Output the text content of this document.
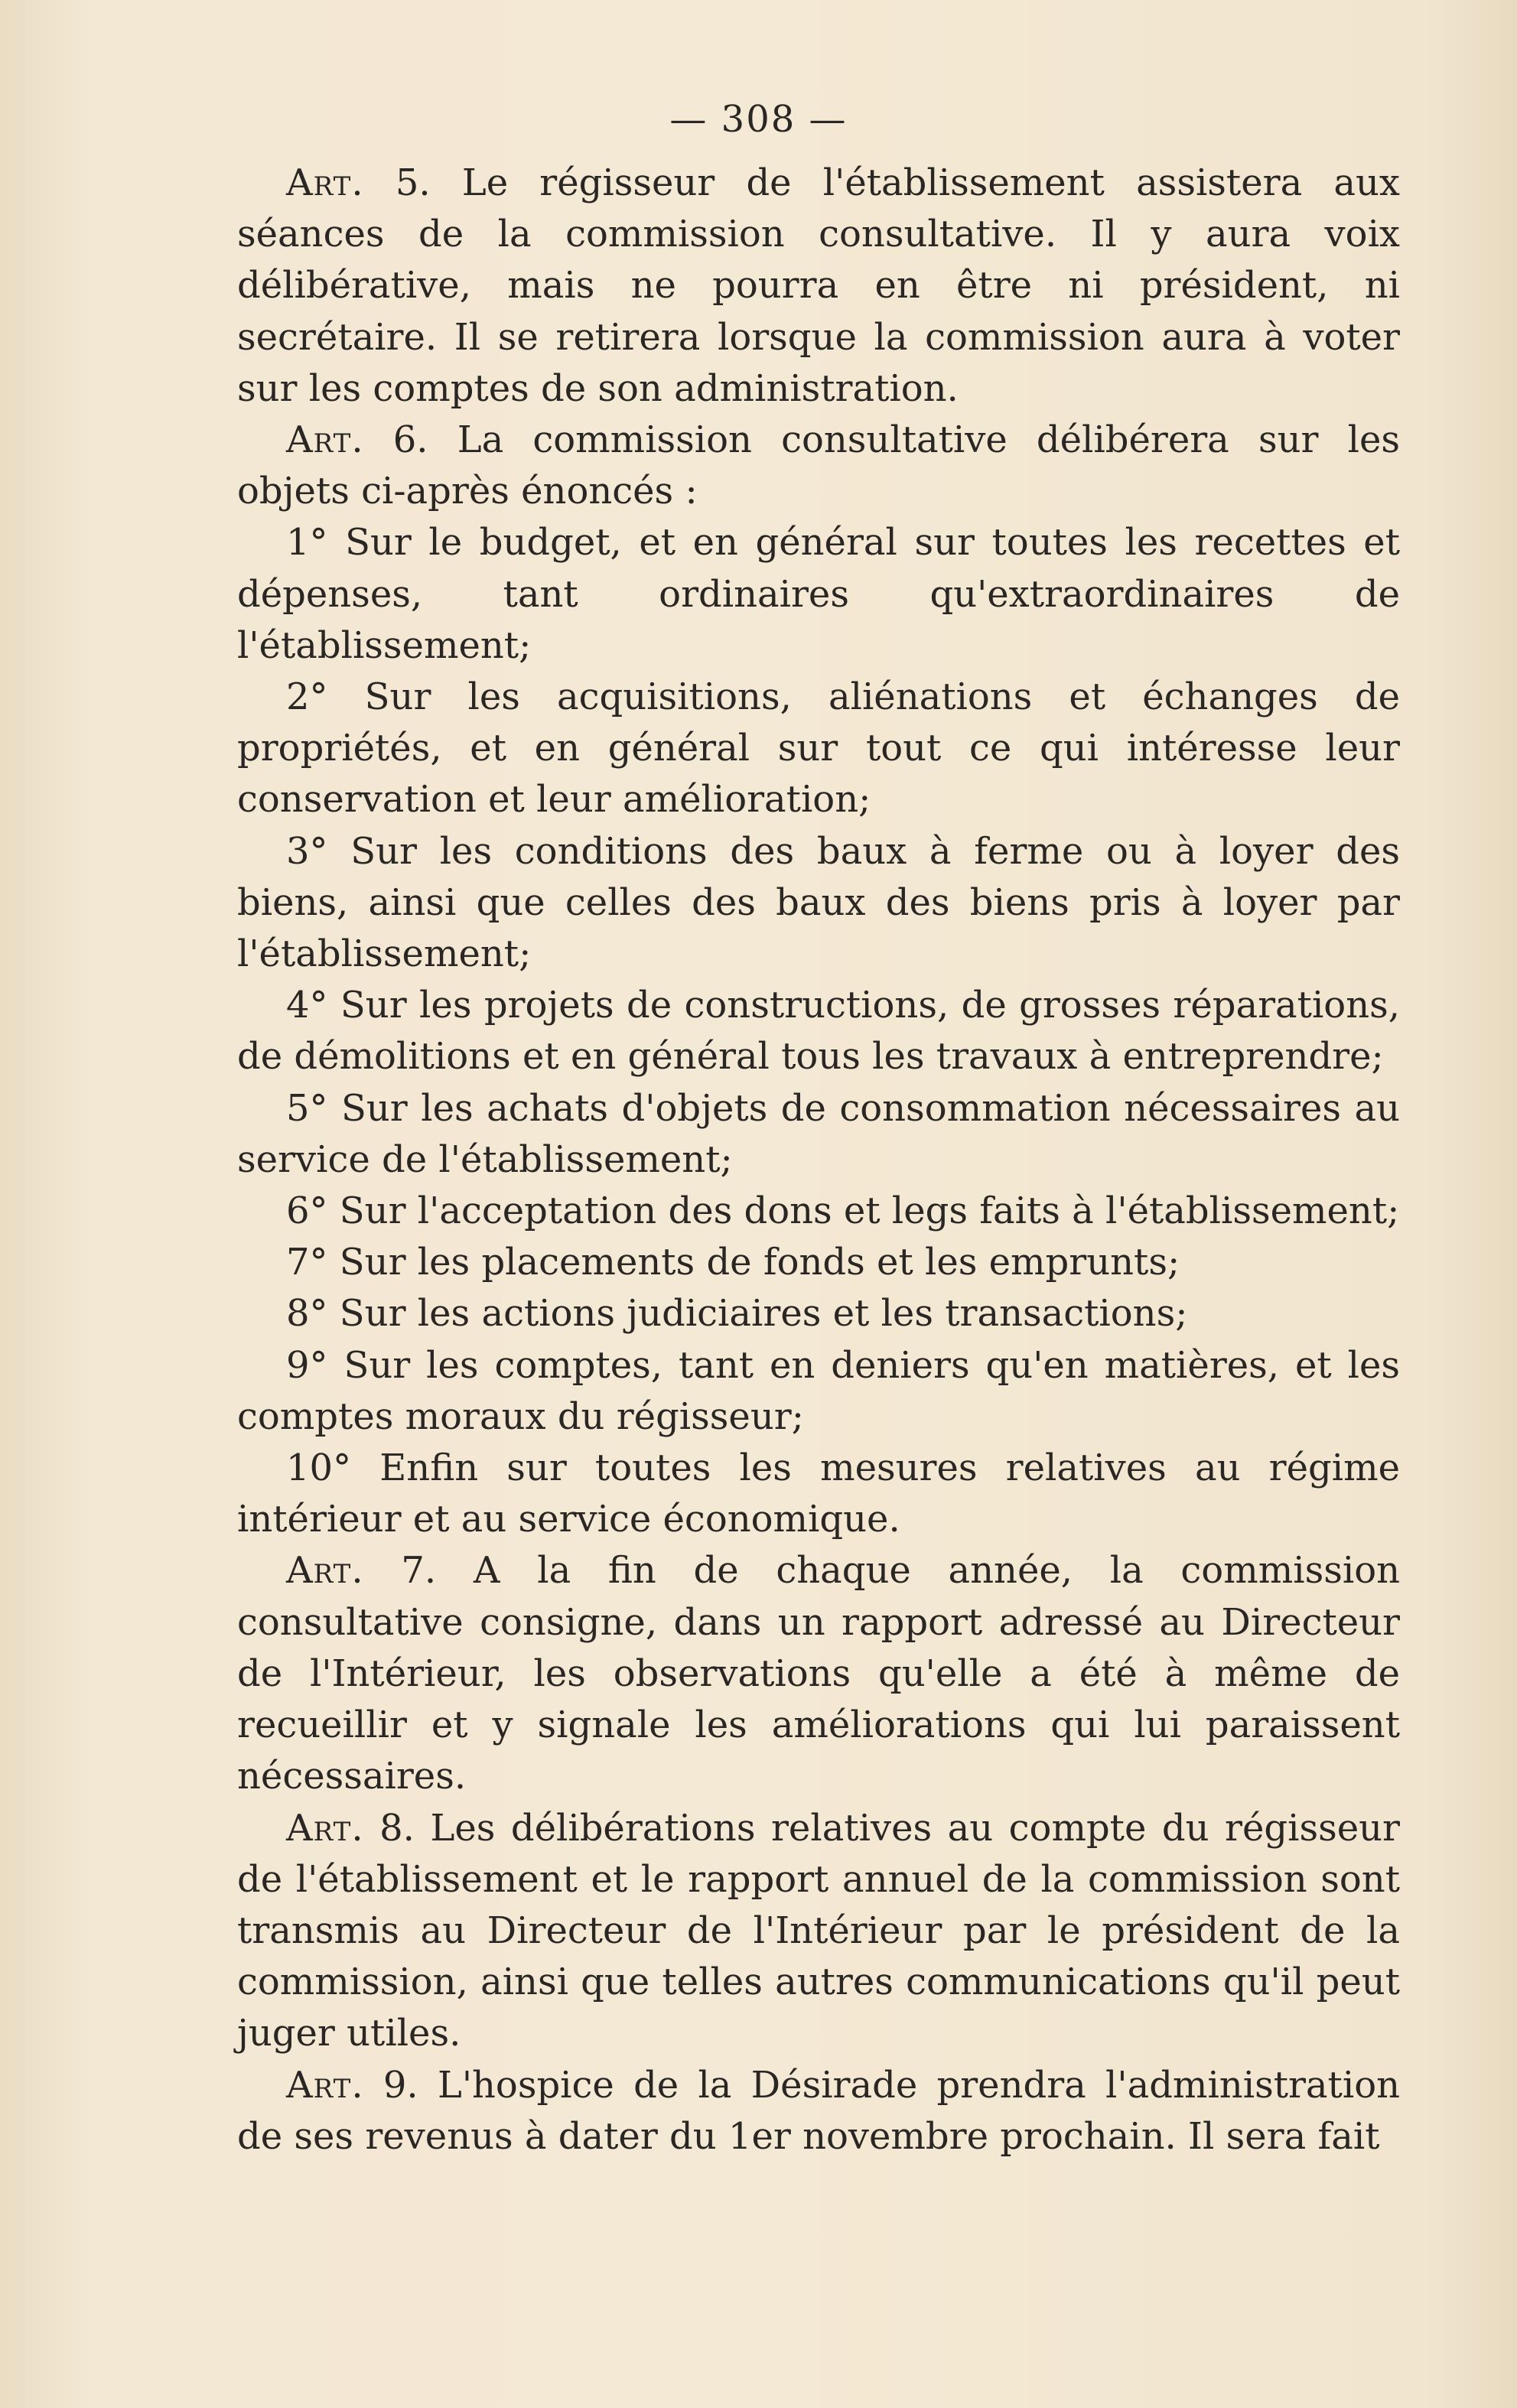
— 308 —

Art. 5. Le régisseur de l'établissement assistera aux séances de la commission consultative. Il y aura voix délibérative, mais ne pourra en être ni président, ni secrétaire. Il se retirera lorsque la commission aura à voter sur les comptes de son administration.

Art. 6. La commission consultative délibérera sur les objets ci-après énoncés :

1° Sur le budget, et en général sur toutes les recettes et dépenses, tant ordinaires qu'extraordinaires de l'établissement;

2° Sur les acquisitions, aliénations et échanges de propriétés, et en général sur tout ce qui intéresse leur conservation et leur amélioration;

3° Sur les conditions des baux à ferme ou à loyer des biens, ainsi que celles des baux des biens pris à loyer par l'établissement;

4° Sur les projets de constructions, de grosses réparations, de démolitions et en général tous les travaux à entreprendre;

5° Sur les achats d'objets de consommation nécessaires au service de l'établissement;

6° Sur l'acceptation des dons et legs faits à l'établissement;

7° Sur les placements de fonds et les emprunts;

8° Sur les actions judiciaires et les transactions;

9° Sur les comptes, tant en deniers qu'en matières, et les comptes moraux du régisseur;

10° Enfin sur toutes les mesures relatives au régime intérieur et au service économique.

Art. 7. A la fin de chaque année, la commission consultative consigne, dans un rapport adressé au Directeur de l'Intérieur, les observations qu'elle a été à même de recueillir et y signale les améliorations qui lui paraissent nécessaires.

Art. 8. Les délibérations relatives au compte du régisseur de l'établissement et le rapport annuel de la commission sont transmis au Directeur de l'Intérieur par le président de la commission, ainsi que telles autres communications qu'il peut juger utiles.

Art. 9. L'hospice de la Désirade prendra l'administration de ses revenus à dater du 1er novembre prochain. Il sera fait
